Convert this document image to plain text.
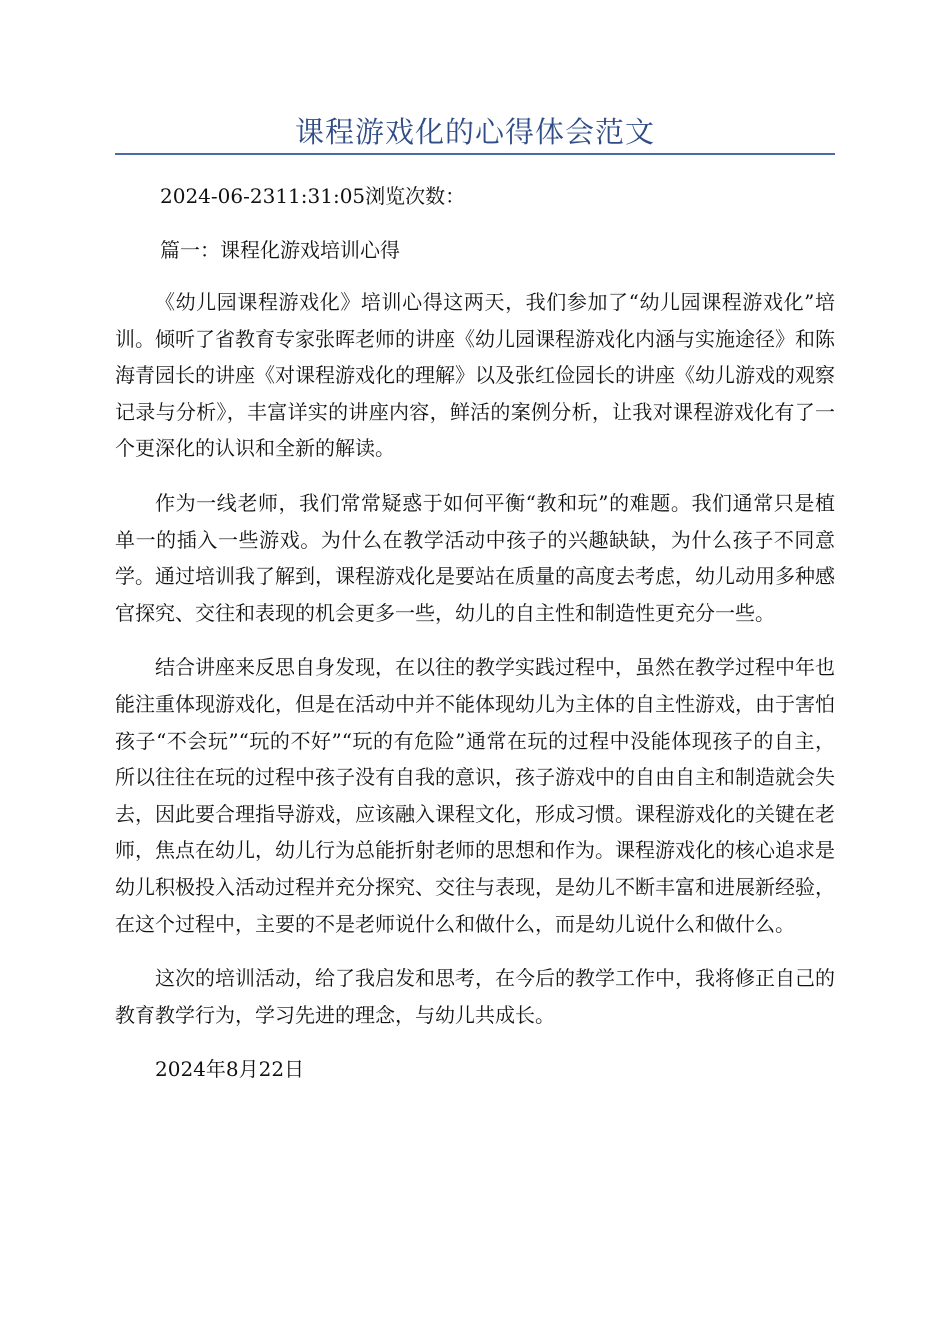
课程游戏化的心得体会范文
2024-06-2311:31:05浏览次数：
篇一：课程化游戏培训心得

《幼儿园课程游戏化》培训心得这两天，我们参加了“幼儿园课程游戏化”培训。倾听了省教育专家张晖老师的讲座《幼儿园课程游戏化内涵与实施途径》和陈海青园长的讲座《对课程游戏化的理解》以及张红俭园长的讲座《幼儿游戏的观察记录与分析》，丰富详实的讲座内容，鲜活的案例分析，让我对课程游戏化有了一个更深化的认识和全新的解读。

作为一线老师，我们常常疑惑于如何平衡“教和玩”的难题。我们通常只是植单一的插入一些游戏。为什么在教学活动中孩子的兴趣缺缺，为什么孩子不同意学。通过培训我了解到，课程游戏化是要站在质量的高度去考虑，幼儿动用多种感官探究、交往和表现的机会更多一些，幼儿的自主性和制造性更充分一些。

结合讲座来反思自身发现，在以往的教学实践过程中，虽然在教学过程中年也能注重体现游戏化，但是在活动中并不能体现幼儿为主体的自主性游戏，由于害怕孩子“不会玩”“玩的不好”“玩的有危险”通常在玩的过程中没能体现孩子的自主，所以往往在玩的过程中孩子没有自我的意识，孩子游戏中的自由自主和制造就会失去，因此要合理指导游戏，应该融入课程文化，形成习惯。课程游戏化的关键在老师，焦点在幼儿，幼儿行为总能折射老师的思想和作为。课程游戏化的核心追求是幼儿积极投入活动过程并充分探究、交往与表现，是幼儿不断丰富和进展新经验，在这个过程中，主要的不是老师说什么和做什么，而是幼儿说什么和做什么。

这次的培训活动，给了我启发和思考，在今后的教学工作中，我将修正自己的教育教学行为，学习先进的理念，与幼儿共成长。

2024年8月22日
